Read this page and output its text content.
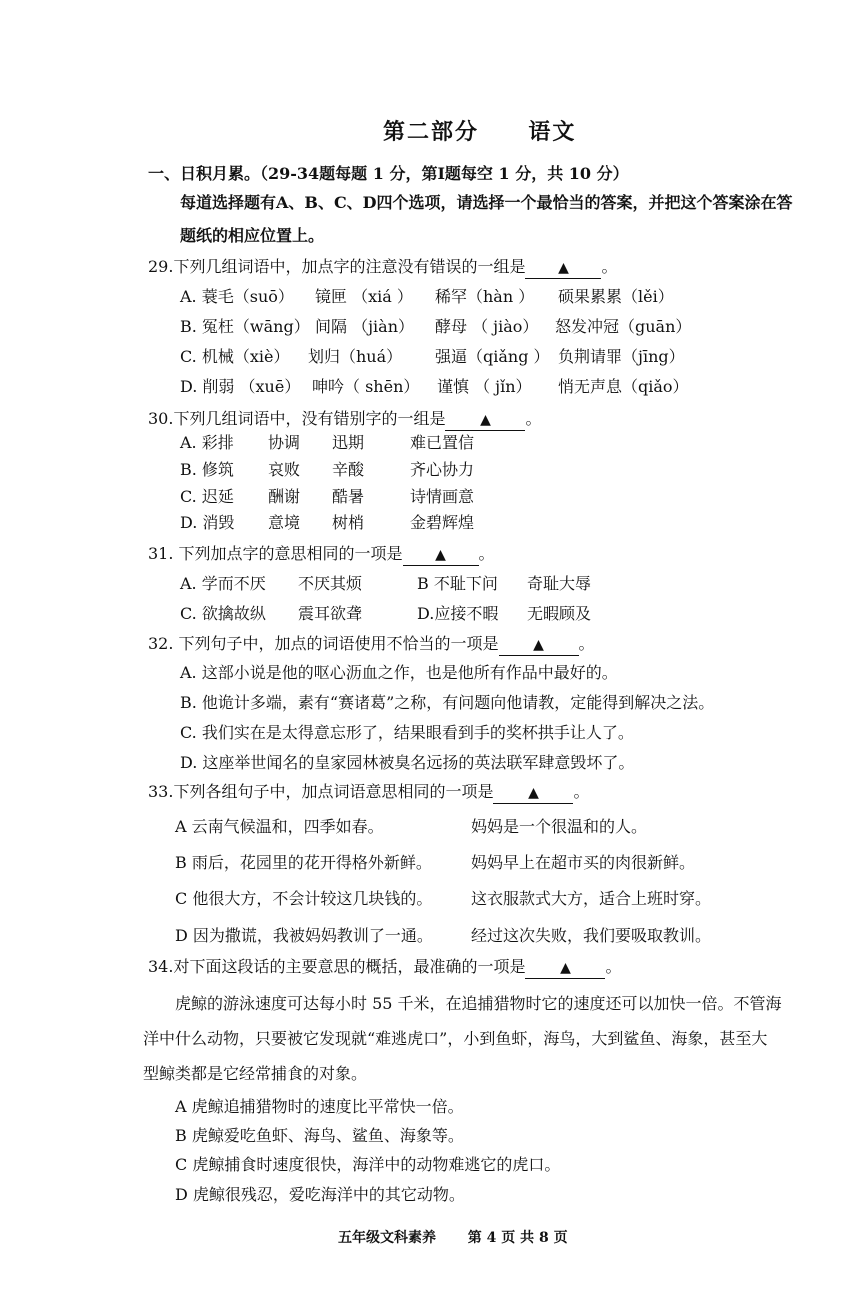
第二部分 语文
一、日积月累。（29-34题每题 1 分，第Ⅰ题每空 1 分，共 10 分）
每道选择题有A、B、C、D四个选项，请选择一个最恰当的答案，并把这个答案涂在答
题纸的相应位置上。
29.下列几组词语中，加点字的注意没有错误的一组是 ▲ 。
A. 蓑毛（suō） 镜匣 （xiá ） 稀罕（hàn ） 硕果累累（lěi）
B. 冤枉（wāng） 间隔 （jiàn） 酵母 （ jiào） 怒发冲冠（guān）
C. 机械（xiè） 划归（huá） 强逼（qiǎng ） 负荆请罪（jīng）
D. 削弱 （xuē） 呻吟（ shēn） 谨慎 （ jǐn） 悄无声息（qiǎo）
30.下列几组词语中，没有错别字的一组是 ▲ 。
A. 彩排 协调 迅期	难已置信
B. 修筑 哀败 辛酸	齐心协力
C. 迟延 酬谢 酷暑	诗情画意
D. 消毁 意境 树梢	金碧辉煌
31. 下列加点字的意思相同的一项是 ▲ 。
A. 学而不厌 不厌其烦	B 不耻下问 奇耻大辱
C. 欲擒故纵 震耳欲聋	D.应接不暇 无暇顾及
32. 下列句子中，加点的词语使用不恰当的一项是 ▲ 。
A. 这部小说是他的呕心沥血之作，也是他所有作品中最好的。
B. 他诡计多端，素有“赛诸葛”之称，有问题向他请教，定能得到解决之法。
C. 我们实在是太得意忘形了，结果眼看到手的奖杯拱手让人了。
D. 这座举世闻名的皇家园林被臭名远扬的英法联军肆意毁坏了。
33.下列各组句子中，加点词语意思相同的一项是 ▲ 。
A 云南气候温和，四季如春。	妈妈是一个很温和的人。
B 雨后，花园里的花开得格外新鲜。 妈妈早上在超市买的肉很新鲜。
C 他很大方，不会计较这几块钱的。 这衣服款式大方，适合上班时穿。
D 因为撒谎，我被妈妈教训了一通。 经过这次失败，我们要吸取教训。
34.对下面这段话的主要意思的概括，最准确的一项是 ▲ 。
虎鲸的游泳速度可达每小时 55 千米，在追捕猎物时它的速度还可以加快一倍。不管海
洋中什么动物，只要被它发现就“难逃虎口”，小到鱼虾，海鸟，大到鲨鱼、海象，甚至大
型鲸类都是它经常捕食的对象。
A 虎鲸追捕猎物时的速度比平常快一倍。
B 虎鲸爱吃鱼虾、海鸟、鲨鱼、海象等。
C 虎鲸捕食时速度很快，海洋中的动物难逃它的虎口。
D 虎鲸很残忍，爱吃海洋中的其它动物。
五年级文科素养 第 4 页 共 8 页
